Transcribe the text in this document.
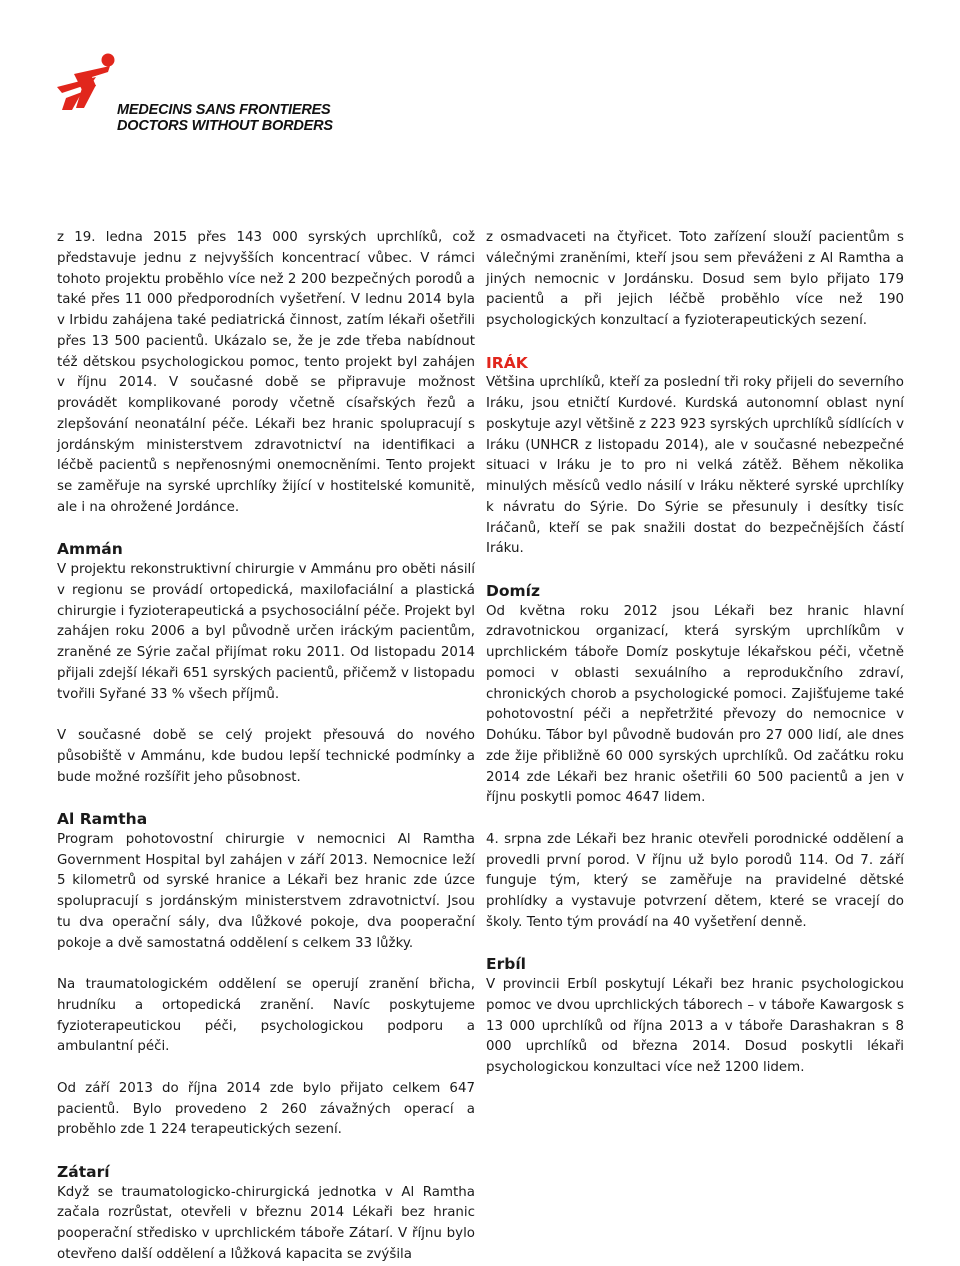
MEDECINS SANS FRONTIERES
DOCTORS WITHOUT BORDERS

z 19. ledna 2015 přes 143 000 syrských uprchlíků, což představuje jednu z nejvyšších koncentrací vůbec. V rámci tohoto projektu proběhlo více než 2 200 bezpečných porodů a také přes 11 000 předporodních vyšetření. V lednu 2014 byla v Irbidu zahájena také pediatrická činnost, zatím lékaři ošetřili přes 13 500 pacientů. Ukázalo se, že je zde třeba nabídnout též dětskou psychologickou pomoc, tento projekt byl zahájen v říjnu 2014. V současné době se připravuje možnost provádět komplikované porody včetně císařských řezů a zlepšování neonatální péče. Lékaři bez hranic spolupracují s jordánským ministerstvem zdravotnictví na identifikaci a léčbě pacientů s nepřenosnými onemocněními. Tento projekt se zaměřuje na syrské uprchlíky žijící v hostitelské komunitě, ale i na ohrožené Jordánce.

Ammán

V projektu rekonstruktivní chirurgie v Ammánu pro oběti násilí v regionu se provádí ortopedická, maxilofaciální a plastická chirurgie i fyzioterapeutická a psychosociální péče. Projekt byl zahájen roku 2006 a byl původně určen iráckým pacientům, zraněné ze Sýrie začal přijímat roku 2011. Od listopadu 2014 přijali zdejší lékaři 651 syrských pacientů, přičemž v listopadu tvořili Syřané 33 % všech příjmů.

V současné době se celý projekt přesouvá do nového působiště v Ammánu, kde budou lepší technické podmínky a bude možné rozšířit jeho působnost.

Al Ramtha

Program pohotovostní chirurgie v nemocnici Al Ramtha Government Hospital byl zahájen v září 2013. Nemocnice leží 5 kilometrů od syrské hranice a Lékaři bez hranic zde úzce spolupracují s jordánským ministerstvem zdravotnictví. Jsou tu dva operační sály, dva lůžkové pokoje, dva pooperační pokoje a dvě samostatná oddělení s celkem 33 lůžky.

Na traumatologickém oddělení se operují zranění břicha, hrudníku a ortopedická zranění. Navíc poskytujeme fyzioterapeutickou péči, psychologickou podporu a ambulantní péči.

Od září 2013 do října 2014 zde bylo přijato celkem 647 pacientů. Bylo provedeno 2 260 závažných operací a proběhlo zde 1 224 terapeutických sezení.

Zátarí

Když se traumatologicko-chirurgická jednotka v Al Ramtha začala rozrůstat, otevřeli v březnu 2014 Lékaři bez hranic pooperační středisko v uprchlickém táboře Zátarí. V říjnu bylo otevřeno další oddělení a lůžková kapacita se zvýšila

z osmadvaceti na čtyřicet. Toto zařízení slouží pacientům s válečnými zraněními, kteří jsou sem převáženi z Al Ramtha a jiných nemocnic v Jordánsku. Dosud sem bylo přijato 179 pacientů a při jejich léčbě proběhlo více než 190 psychologických konzultací a fyzioterapeutických sezení.

IRÁK

Většina uprchlíků, kteří za poslední tři roky přijeli do severního Iráku, jsou etničtí Kurdové. Kurdská autonomní oblast nyní poskytuje azyl většině z 223 923 syrských uprchlíků sídlících v Iráku (UNHCR z listopadu 2014), ale v současné nebezpečné situaci v Iráku je to pro ni velká zátěž. Během několika minulých měsíců vedlo násilí v Iráku některé syrské uprchlíky k návratu do Sýrie. Do Sýrie se přesunuly i desítky tisíc Iráčanů, kteří se pak snažili dostat do bezpečnějších částí Iráku.

Domíz

Od května roku 2012 jsou Lékaři bez hranic hlavní zdravotnickou organizací, která syrským uprchlíkům v uprchlickém táboře Domíz poskytuje lékařskou péči, včetně pomoci v oblasti sexuálního a reprodukčního zdraví, chronických chorob a psychologické pomoci. Zajišťujeme také pohotovostní péči a nepřetržité převozy do nemocnice v Dohúku. Tábor byl původně budován pro 27 000 lidí, ale dnes zde žije přibližně 60 000 syrských uprchlíků. Od začátku roku 2014 zde Lékaři bez hranic ošetřili 60 500 pacientů a jen v říjnu poskytli pomoc 4647 lidem.

4. srpna zde Lékaři bez hranic otevřeli porodnické oddělení a provedli první porod. V říjnu už bylo porodů 114. Od 7. září funguje tým, který se zaměřuje na pravidelné dětské prohlídky a vystavuje potvrzení dětem, které se vracejí do školy. Tento tým provádí na 40 vyšetření denně.

Erbíl

V provincii Erbíl poskytují Lékaři bez hranic psychologickou pomoc ve dvou uprchlických táborech – v táboře Kawargosk s 13 000 uprchlíků od října 2013 a v táboře Darashakran s 8 000 uprchlíků od března 2014. Dosud poskytli lékaři psychologickou konzultaci více než 1200 lidem.
